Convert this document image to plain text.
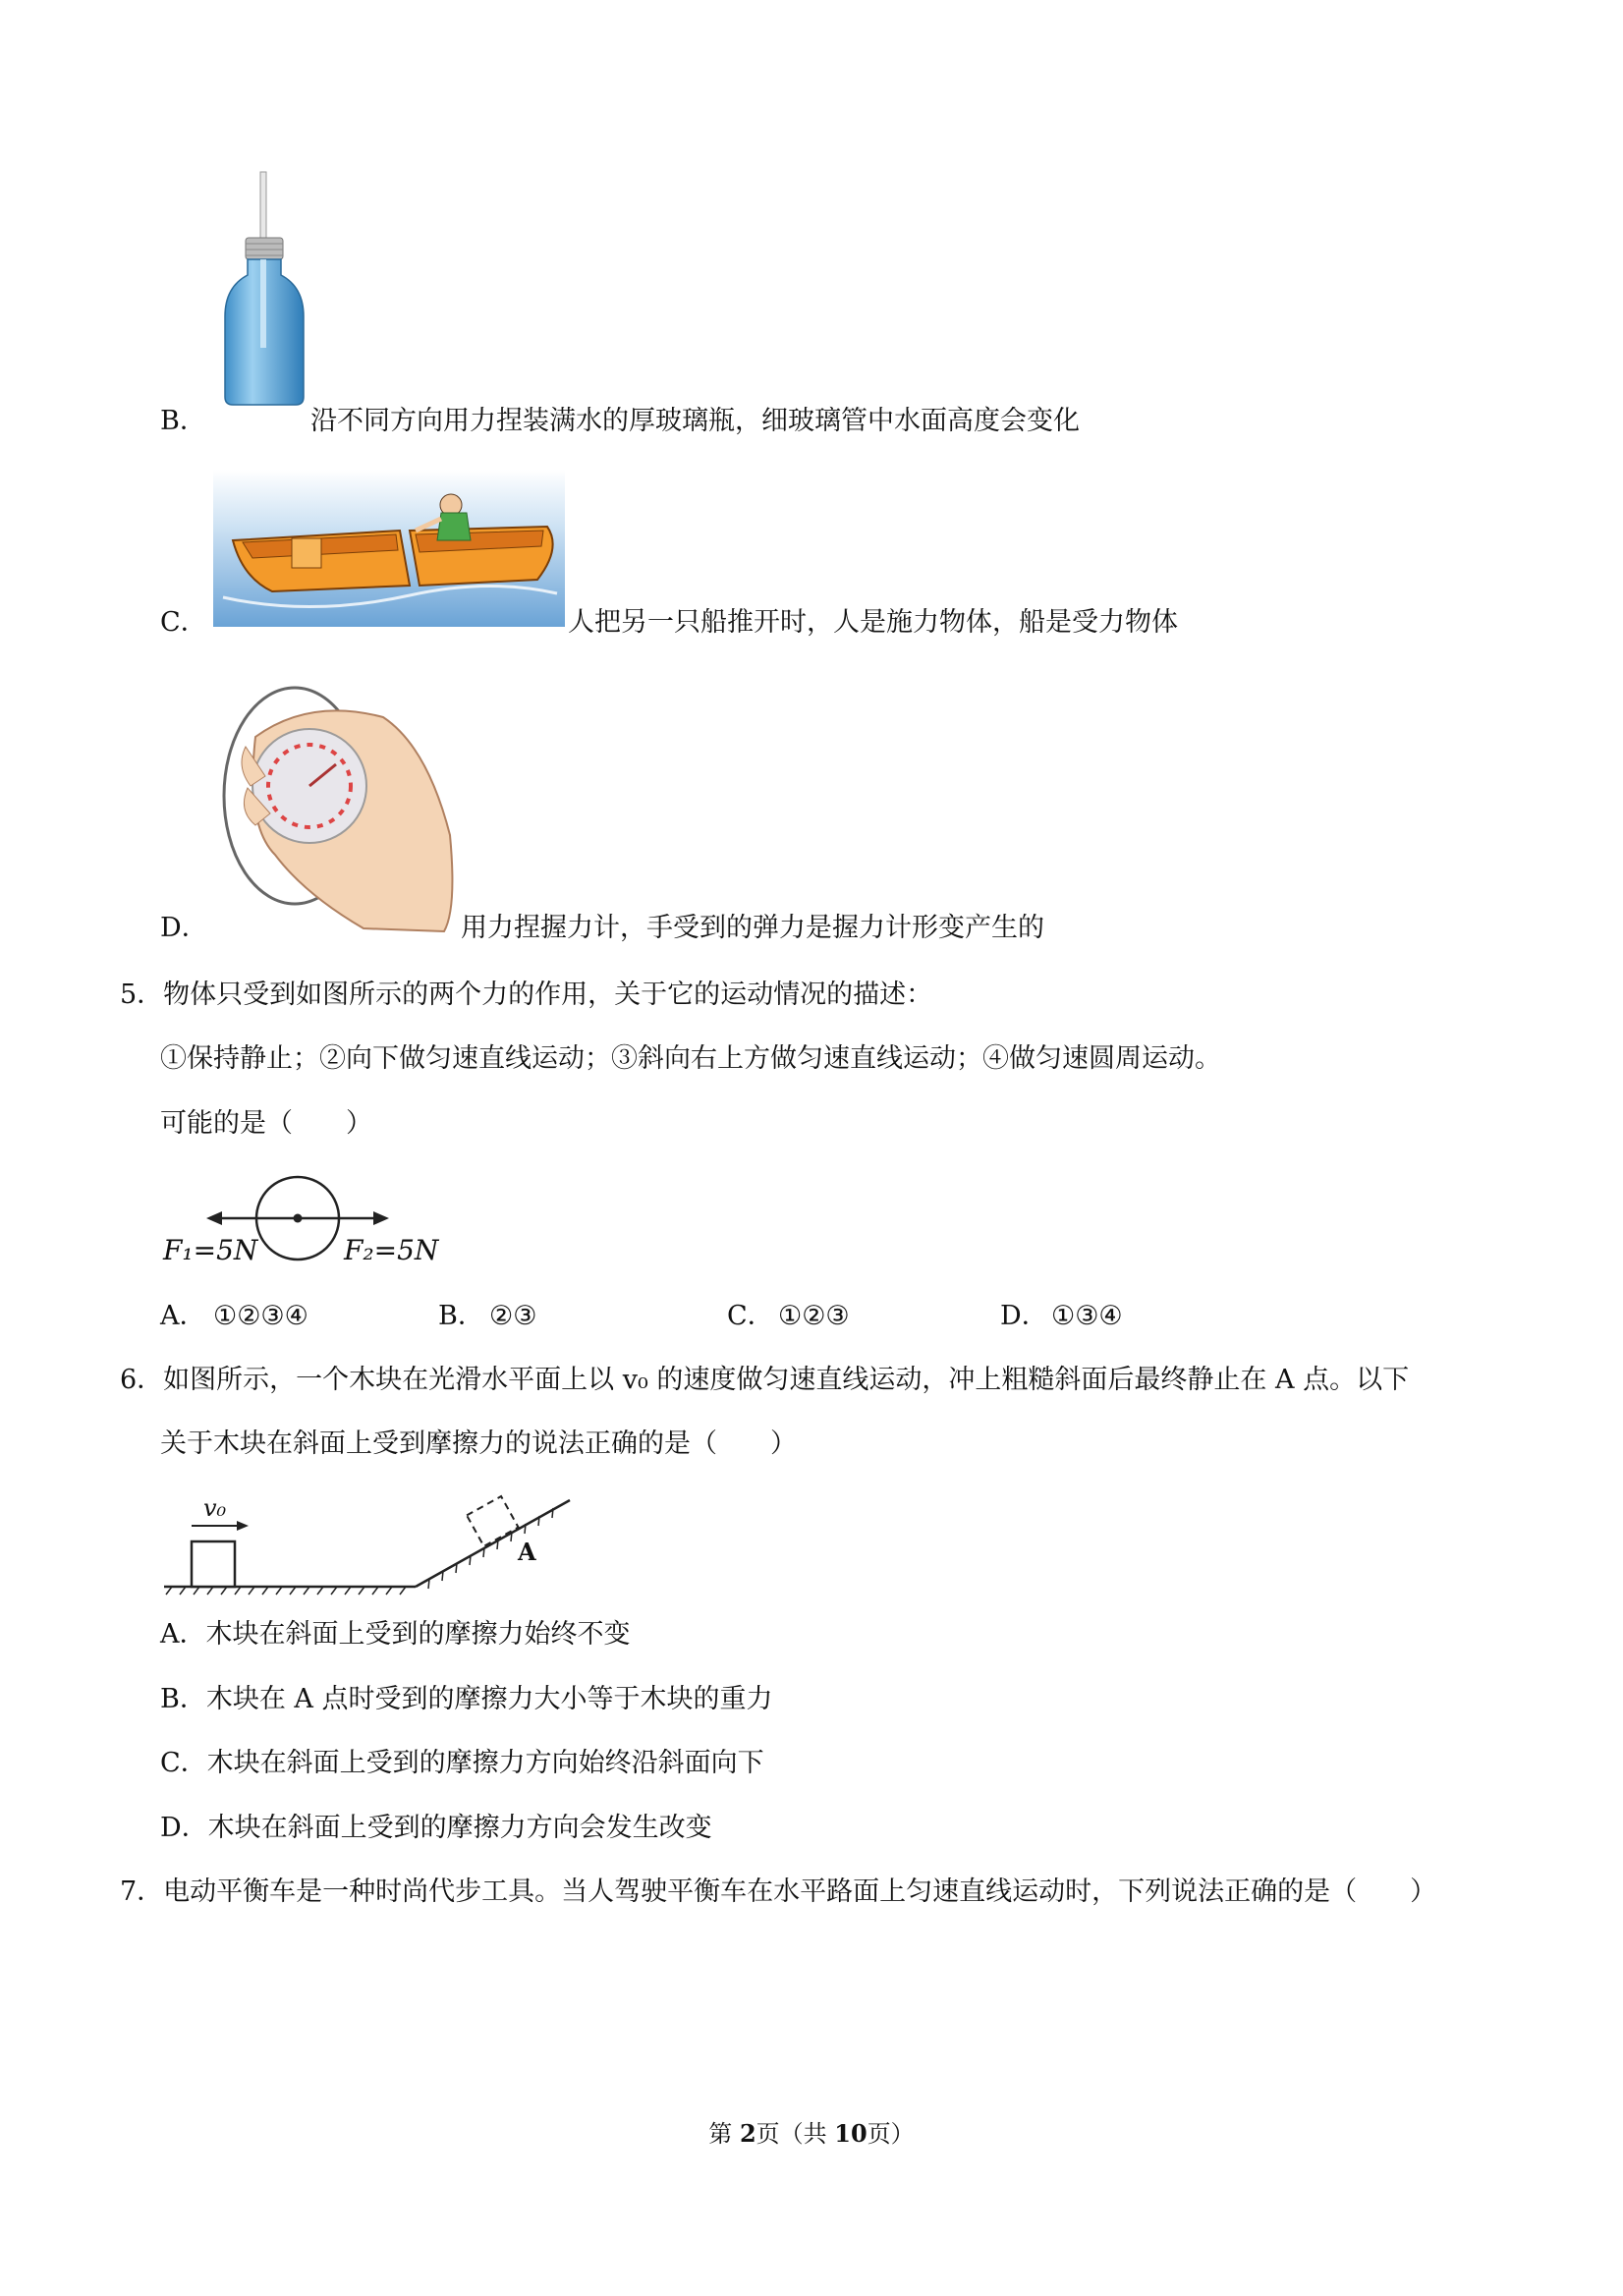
B．	沿不同方向用力捏装满水的厚玻璃瓶，细玻璃管中水面高度会变化
C．	人把另一只船推开时，人是施力物体，船是受力物体
D．	用力捏握力计，手受到的弹力是握力计形变产生的
5．物体只受到如图所示的两个力的作用，关于它的运动情况的描述：
①保持静止；②向下做匀速直线运动；③斜向右上方做匀速直线运动；④做匀速圆周运动。
可能的是（　　）
F₁=5N	F₂=5N
A． ①②③④	B． ②③	C． ①②③	D． ①③④
6．如图所示，一个木块在光滑水平面上以 v₀ 的速度做匀速直线运动，冲上粗糙斜面后最终静止在 A 点。以下
关于木块在斜面上受到摩擦力的说法正确的是（　　）
v₀
A
A．木块在斜面上受到的摩擦力始终不变
B．木块在 A 点时受到的摩擦力大小等于木块的重力
C．木块在斜面上受到的摩擦力方向始终沿斜面向下
D．木块在斜面上受到的摩擦力方向会发生改变
7．电动平衡车是一种时尚代步工具。当人驾驶平衡车在水平路面上匀速直线运动时，下列说法正确的是（　　）
第 2页（共 10页）
